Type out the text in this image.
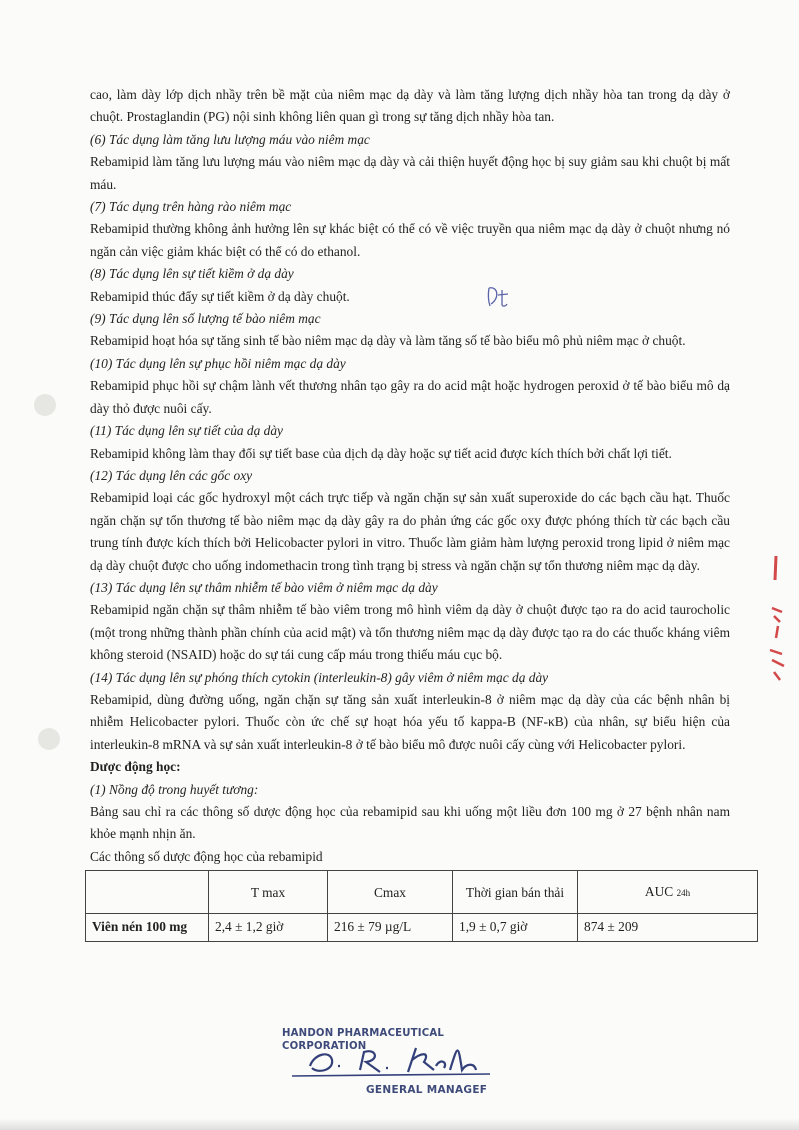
cao, làm dày lớp dịch nhầy trên bề mặt của niêm mạc dạ dày và làm tăng lượng dịch nhầy hòa tan trong dạ dày ở chuột. Prostaglandin (PG) nội sinh không liên quan gì trong sự tăng dịch nhầy hòa tan.

(6) Tác dụng làm tăng lưu lượng máu vào niêm mạc

Rebamipid làm tăng lưu lượng máu vào niêm mạc dạ dày và cải thiện huyết động học bị suy giảm sau khi chuột bị mất máu.

(7) Tác dụng trên hàng rào niêm mạc

Rebamipid thường không ảnh hưởng lên sự khác biệt có thể có về việc truyền qua niêm mạc dạ dày ở chuột nhưng nó ngăn cản việc giảm khác biệt có thể có do ethanol.

(8) Tác dụng lên sự tiết kiềm ở dạ dày

Rebamipid thúc đẩy sự tiết kiềm ở dạ dày chuột.

(9) Tác dụng lên số lượng tế bào niêm mạc

Rebamipid hoạt hóa sự tăng sinh tế bào niêm mạc dạ dày và làm tăng số tế bào biểu mô phủ niêm mạc ở chuột.

(10) Tác dụng lên sự phục hồi niêm mạc dạ dày

Rebamipid phục hồi sự chậm lành vết thương nhân tạo gây ra do acid mật hoặc hydrogen peroxid ở tế bào biểu mô dạ dày thỏ được nuôi cấy.

(11) Tác dụng lên sự tiết của dạ dày

Rebamipid không làm thay đổi sự tiết base của dịch dạ dày hoặc sự tiết acid được kích thích bởi chất lợi tiết.

(12) Tác dụng lên các gốc oxy

Rebamipid loại các gốc hydroxyl một cách trực tiếp và ngăn chặn sự sản xuất superoxide do các bạch cầu hạt. Thuốc ngăn chặn sự tổn thương tế bào niêm mạc dạ dày gây ra do phản ứng các gốc oxy được phóng thích từ các bạch cầu trung tính được kích thích bởi Helicobacter pylori in vitro. Thuốc làm giảm hàm lượng peroxid trong lipid ở niêm mạc dạ dày chuột được cho uống indomethacin trong tình trạng bị stress và ngăn chặn sự tổn thương niêm mạc dạ dày.

(13) Tác dụng lên sự thâm nhiễm tế bào viêm ở niêm mạc dạ dày

Rebamipid ngăn chặn sự thâm nhiễm tế bào viêm trong mô hình viêm dạ dày ở chuột được tạo ra do acid taurocholic (một trong những thành phần chính của acid mật) và tổn thương niêm mạc dạ dày được tạo ra do các thuốc kháng viêm không steroid (NSAID) hoặc do sự tái cung cấp máu trong thiếu máu cục bộ.

(14) Tác dụng lên sự phóng thích cytokin (interleukin-8) gây viêm ở niêm mạc dạ dày

Rebamipid, dùng đường uống, ngăn chặn sự tăng sản xuất interleukin-8 ở niêm mạc dạ dày của các bệnh nhân bị nhiễm Helicobacter pylori. Thuốc còn ức chế sự hoạt hóa yếu tố kappa-B (NF-κB) của nhân, sự biểu hiện của interleukin-8 mRNA và sự sản xuất interleukin-8 ở tế bào biểu mô được nuôi cấy cùng với Helicobacter pylori.

Dược động học:

(1) Nồng độ trong huyết tương:

Bảng sau chỉ ra các thông số dược động học của rebamipid sau khi uống một liều đơn 100 mg ở 27 bệnh nhân nam khỏe mạnh nhịn ăn.

Các thông số dược động học của rebamipid

	T max	Cmax	Thời gian bán thải	AUC 24h
Viên nén 100 mg	2,4 ± 1,2 giờ	216 ± 79 µg/L	1,9 ± 0,7 giờ	874 ± 209
HANDON PHARMACEUTICAL CORPORATION
GENERAL MANAGEF
